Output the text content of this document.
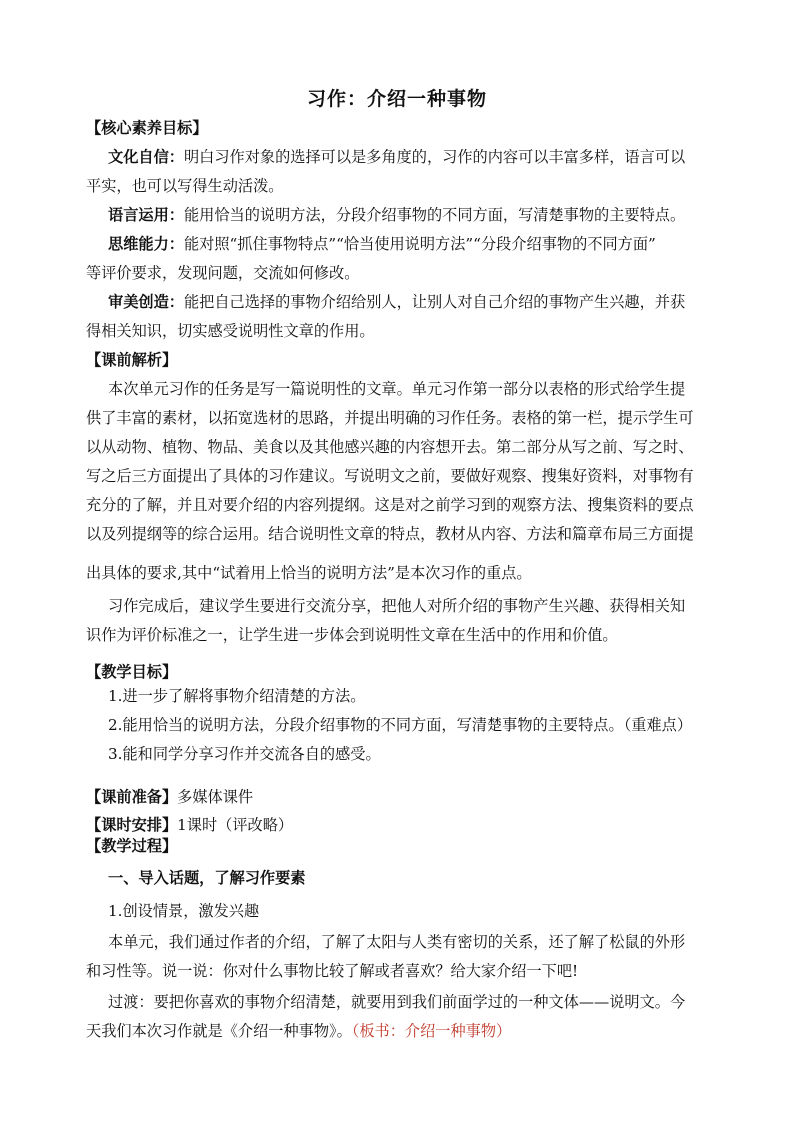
习作：介绍一种事物
【核心素养目标】
文化自信：明白习作对象的选择可以是多角度的，习作的内容可以丰富多样，语言可以
平实，也可以写得生动活泼。
语言运用：能用恰当的说明方法，分段介绍事物的不同方面，写清楚事物的主要特点。
思维能力：能对照“抓住事物特点”“恰当使用说明方法”“分段介绍事物的不同方面”
等评价要求，发现问题，交流如何修改。
审美创造：能把自己选择的事物介绍给别人，让别人对自己介绍的事物产生兴趣，并获
得相关知识，切实感受说明性文章的作用。
【课前解析】
本次单元习作的任务是写一篇说明性的文章。单元习作第一部分以表格的形式给学生提
供了丰富的素材，以拓宽选材的思路，并提出明确的习作任务。表格的第一栏，提示学生可
以从动物、植物、物品、美食以及其他感兴趣的内容想开去。第二部分从写之前、写之时、
写之后三方面提出了具体的习作建议。写说明文之前，要做好观察、搜集好资料，对事物有
充分的了解，并且对要介绍的内容列提纲。这是对之前学习到的观察方法、搜集资料的要点
以及列提纲等的综合运用。结合说明性文章的特点，教材从内容、方法和篇章布局三方面提
出具体的要求,其中“试着用上恰当的说明方法”是本次习作的重点。
习作完成后，建议学生要进行交流分享，把他人对所介绍的事物产生兴趣、获得相关知
识作为评价标准之一，让学生进一步体会到说明性文章在生活中的作用和价值。
【教学目标】
1.进一步了解将事物介绍清楚的方法。
2.能用恰当的说明方法，分段介绍事物的不同方面，写清楚事物的主要特点。（重难点）
3.能和同学分享习作并交流各自的感受。
【课前准备】多媒体课件
【课时安排】1课时（评改略）
【教学过程】
一、导入话题，了解习作要素
1.创设情景，激发兴趣
本单元，我们通过作者的介绍，了解了太阳与人类有密切的关系，还了解了松鼠的外形
和习性等。说一说：你对什么事物比较了解或者喜欢？给大家介绍一下吧!
过渡：要把你喜欢的事物介绍清楚，就要用到我们前面学过的一种文体——说明文。今
天我们本次习作就是《介绍一种事物》。（板书：介绍一种事物）
